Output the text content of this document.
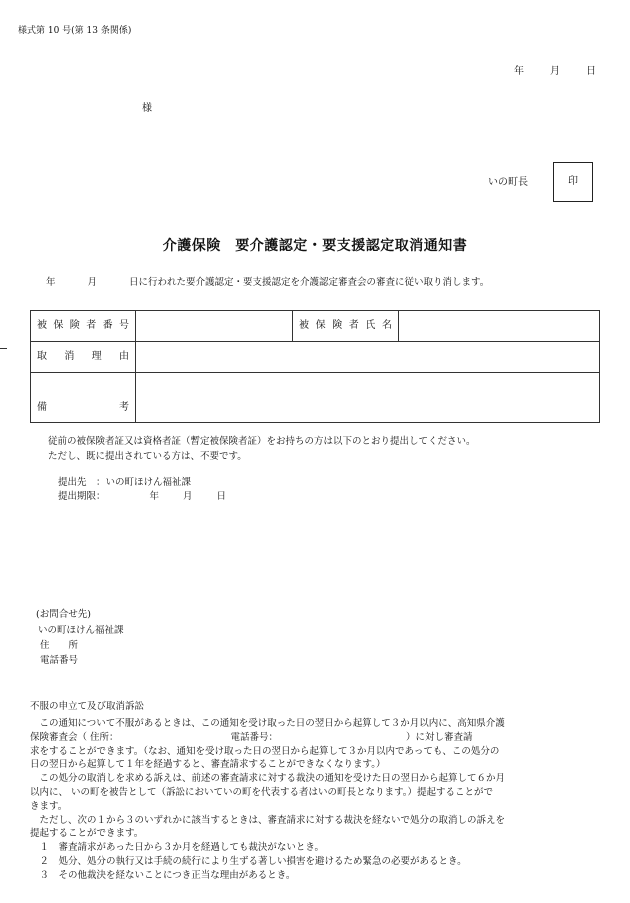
様式第 10 号(第 13 条関係)
年	月	日
様
いの町長	印
介護保険　要介護認定・要支援認定取消通知書
年	月	日に行われた要介護認定・要支援認定を介護認定審査会の審査に従い取り消します。
被保険者番号		被保険者氏名	
取　消　理　由			
備　　考			
従前の被保険者証又は資格者証（暫定被保険者証）をお持ちの方は以下のとおり提出してください。
ただし、既に提出されている方は、不要です。
提出先　：いの町ほけん福祉課
提出期限：	年	月	日
(お問合せ先)
いの町ほけん福祉課
住　　所
電話番号
不服の申立て及び取消訴訟

　この通知について不服があるときは、この通知を受け取った日の翌日から起算して３か月以内に、高知県介護

保険審査会（ 住所：	電話番号：	）に対し審査請

求をすることができます。（なお、通知を受け取った日の翌日から起算して３か月以内であっても、この処分の

日の翌日から起算して１年を経過すると、審査請求することができなくなります。）

　この処分の取消しを求める訴えは、前述の審査請求に対する裁決の通知を受けた日の翌日から起算して６か月

以内に、 いの町を被告として（訴訟においていの町を代表する者はいの町長となります。）提起することがで

きます。

　ただし、次の１から３のいずれかに該当するときは、審査請求に対する裁決を経ないで処分の取消しの訴えを

提起することができます。

　１　審査請求があった日から３か月を経過しても裁決がないとき。

　２　処分、処分の執行又は手続の続行により生ずる著しい損害を避けるため緊急の必要があるとき。

　３　その他裁決を経ないことにつき正当な理由があるとき。
